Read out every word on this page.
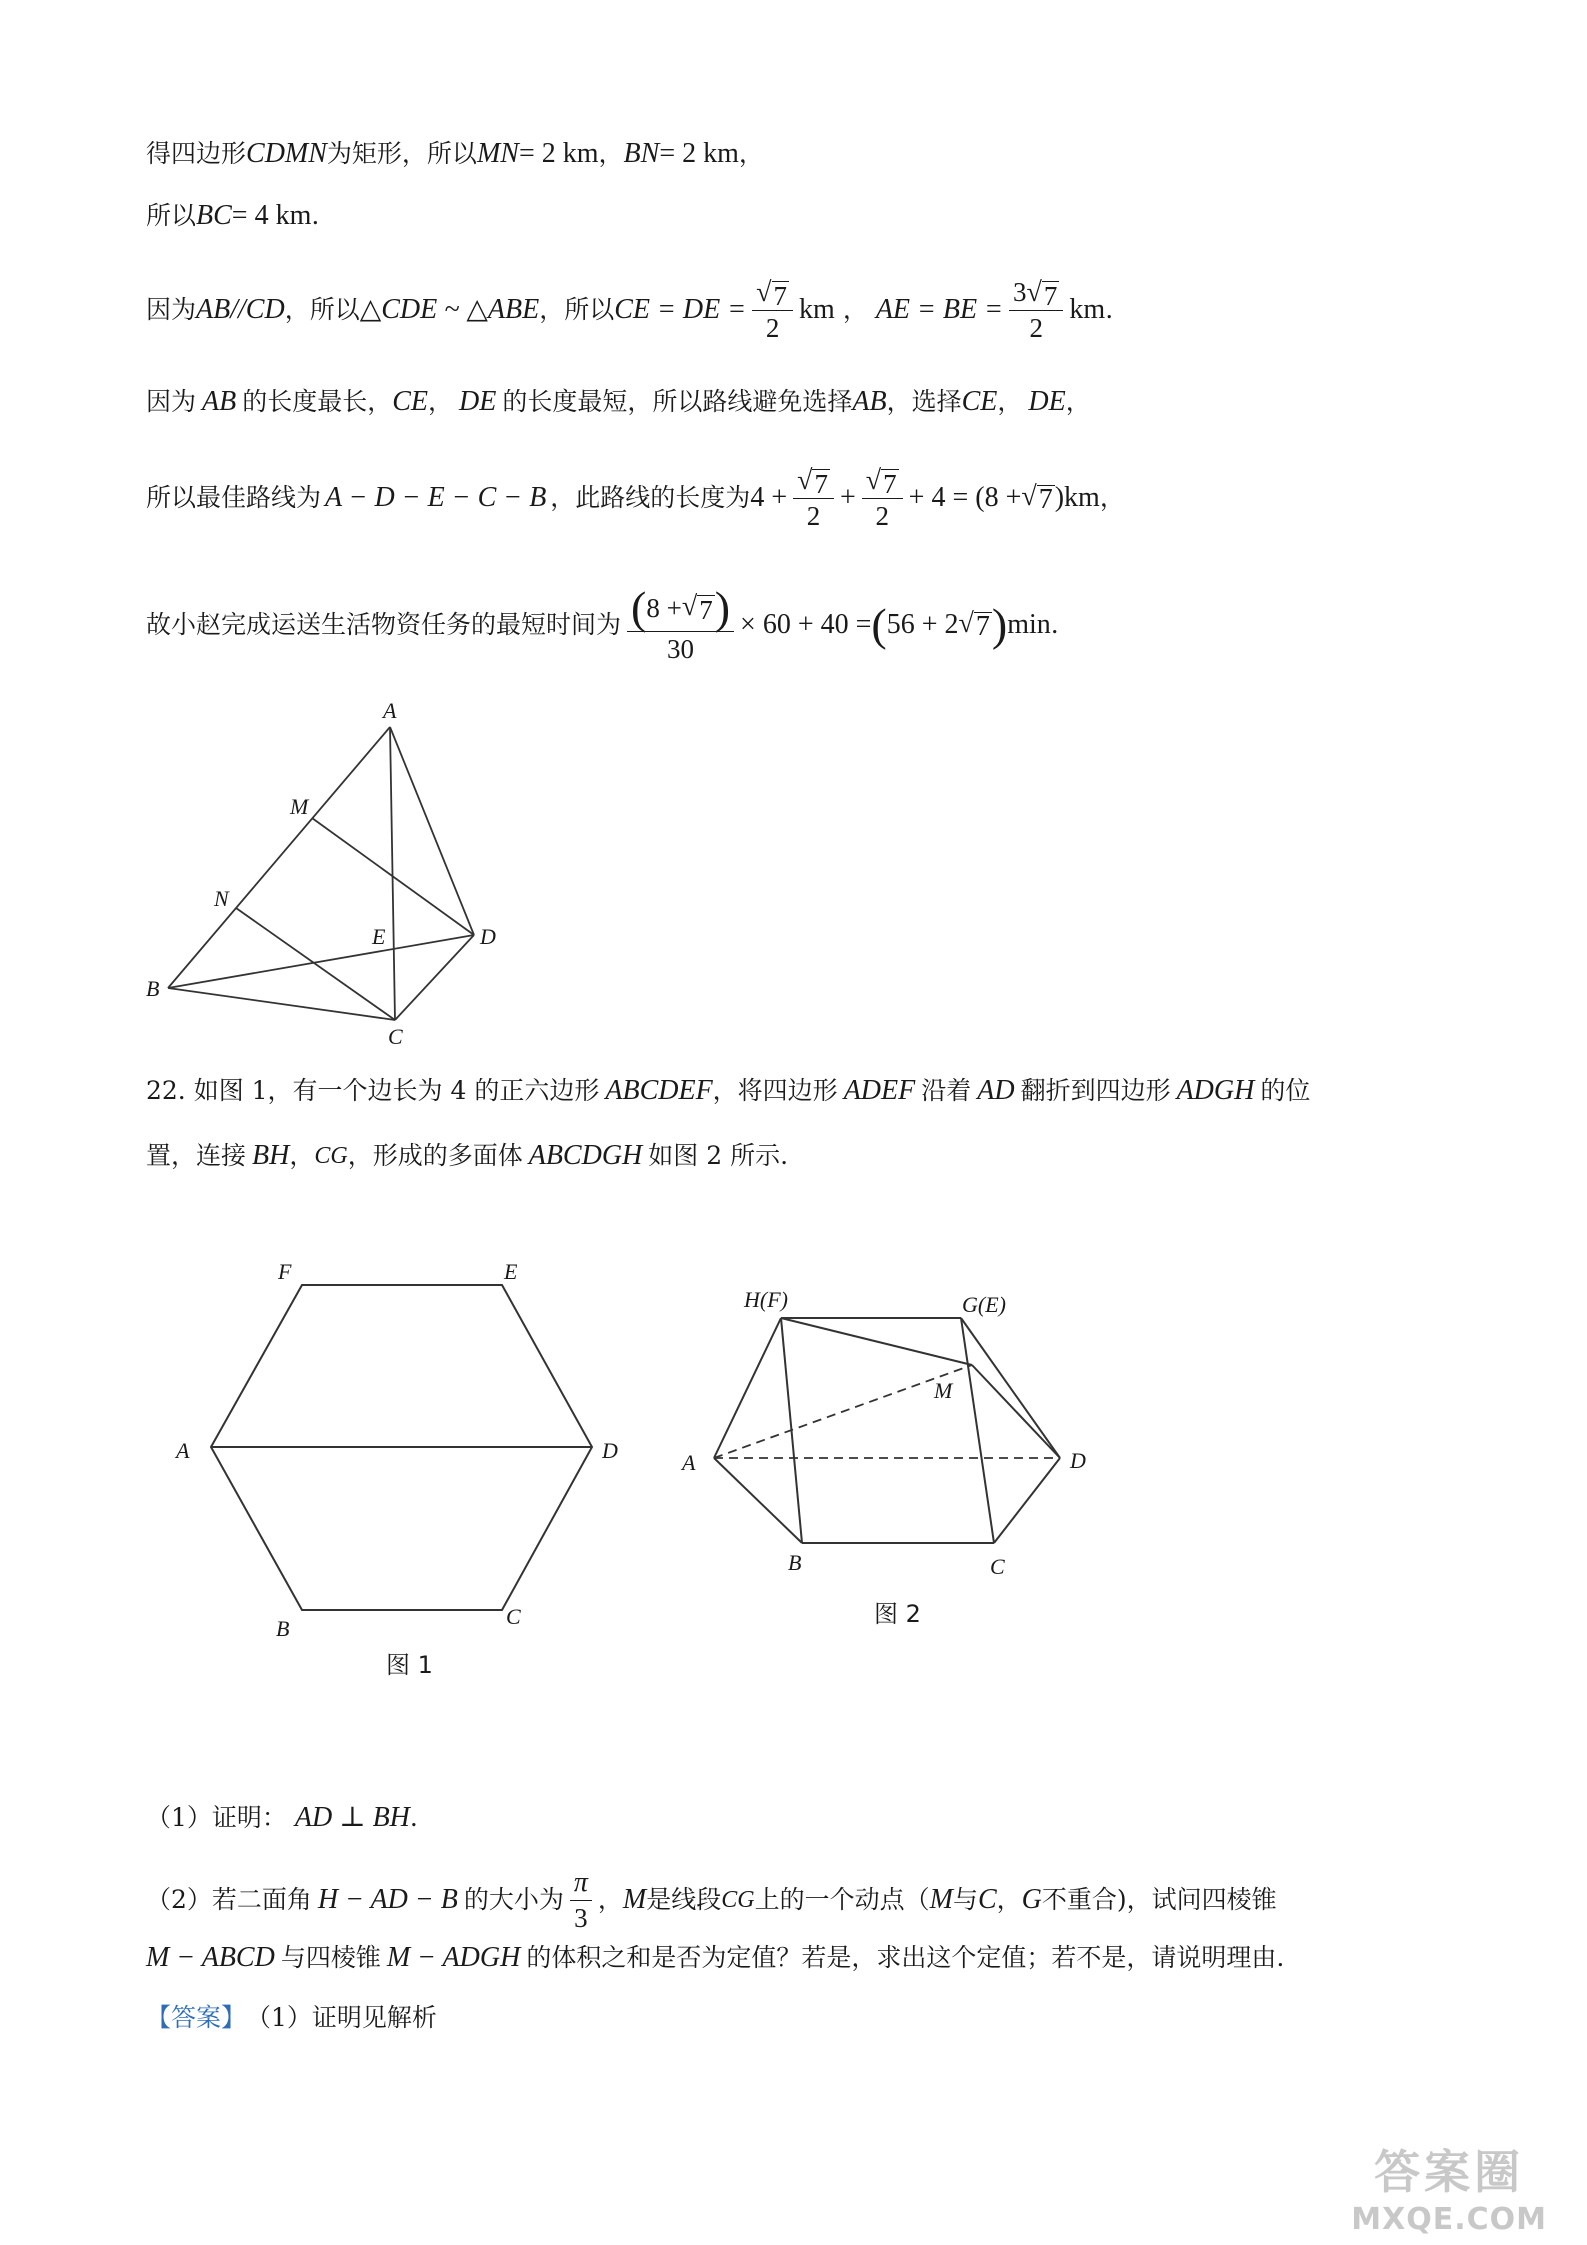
得四边形 CDMN 为矩形，所以 MN = 2 km ， BN = 2 km ，
所以 BC = 4 km .
因为 AB//CD ，所以 △CDE ~ △ABE ，所以 CE = DE = $\frac{√ 7}{2}$ km ， AE = BE = $\frac{3 √ 7}{2}$ km .
因为 AB 的长度最长， CE ， DE 的长度最短，所以路线避免选择 AB ，选择 CE ， DE ，
所以最佳路线为 A − D − E − C − B ，此路线的长度为 $4 + \frac{√ 7}{2} + \frac{√ 7}{2} + 4 = (8$ + √ 7 )km ，
故小赵完成运送生活物资任务的最短时间为 $\frac{( 8 + √ 7 )}{30} \times 60 + 40$ = ( 56 + 2 √ 7 ) min .
A
M
N
E	D
B
C
22. 如图 1，有一个边长为 4 的正六边形 ABCDEF ，将四边形 ADEF 沿着 AD 翻折到四边形 ADGH 的位
置，连接 BH ， CG ，形成的多面体 ABCDGH 如图 2 所示.
F	E
A	D
B	C
图 1
H(F)	G(E)
M
A	D
B	C
图 2
（1）证明： AD ⊥ BH .
（2）若二面角 H − AD − B 的大小为 $\frac{\pi}{3}$ ， M 是线段 CG 上的一个动点（ M 与 C ， G 不重合)，试问四棱锥
M − ABCD 与四棱锥 M − ADGH 的体积之和是否为定值？若是，求出这个定值；若不是，请说明理由.
【答案】 （1）证明见解析
答案圈
MXQE.COM
